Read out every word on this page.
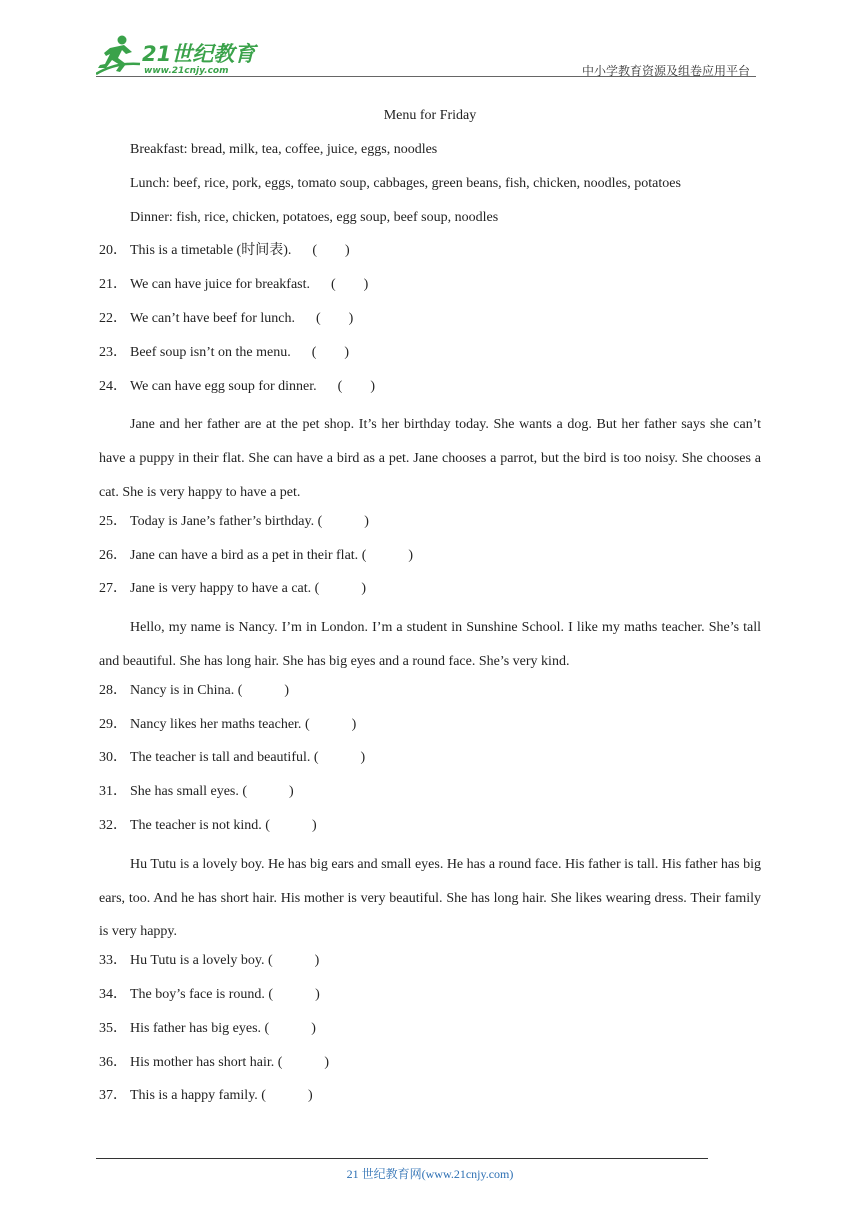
21世纪教育
www.21cnjy.com	中小学教育资源及组卷应用平台
Menu for Friday
Breakfast: bread, milk, tea, coffee, juice, eggs, noodles
Lunch: beef, rice, pork, eggs, tomato soup, cabbages, green beans, fish, chicken, noodles, potatoes
Dinner: fish, rice, chicken, potatoes, egg soup, beef soup, noodles
20． This is a timetable (时间表).      (        )
21． We can have juice for breakfast.      (        )
22． We can’t have beef for lunch.      (        )
23． Beef soup isn’t on the menu.      (        )
24． We can have egg soup for dinner.      (        )

Jane and her father are at the pet shop. It’s her birthday today. She wants a dog. But her father says she can’t have a puppy in their flat. She can have a bird as a pet. Jane chooses a parrot, but the bird is too noisy. She chooses a cat. She is very happy to have a pet.

25． Today is Jane’s father’s birthday. (            )
26． Jane can have a bird as a pet in their flat. (            )
27． Jane is very happy to have a cat. (            )

Hello, my name is Nancy. I’m in London. I’m a student in Sunshine School. I like my maths teacher. She’s tall and beautiful. She has long hair. She has big eyes and a round face. She’s very kind.

28． Nancy is in China. (            )
29． Nancy likes her maths teacher. (            )
30． The teacher is tall and beautiful. (            )
31． She has small eyes. (            )
32． The teacher is not kind. (            )

Hu Tutu is a lovely boy. He has big ears and small eyes. He has a round face. His father is tall. His father has big ears, too. And he has short hair. His mother is very beautiful. She has long hair. She likes wearing dress. Their family is very happy.

33． Hu Tutu is a lovely boy. (            )
34． The boy’s face is round. (            )
35． His father has big eyes. (            )
36． His mother has short hair. (            )
37． This is a happy family. (            )
21 世纪教育网(www.21cnjy.com)
